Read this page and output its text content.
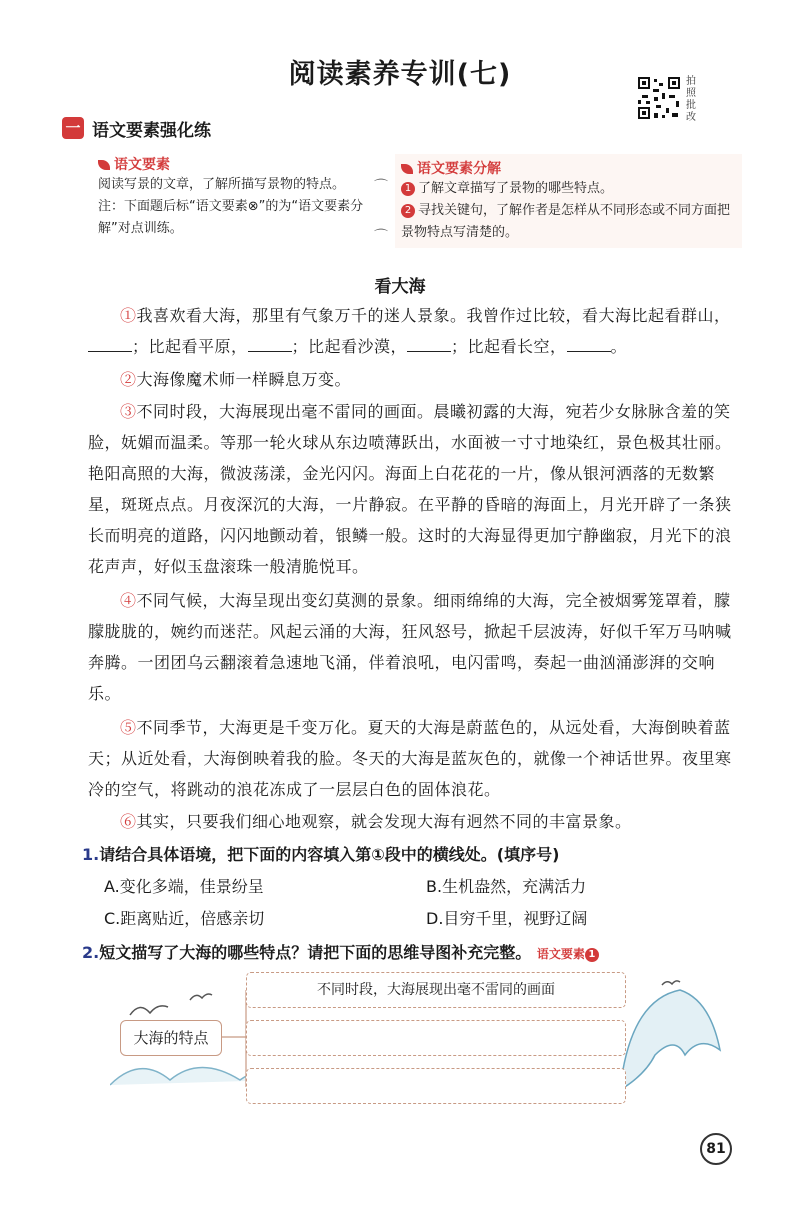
阅读素养专训(七)	拍照批改
一 语文要素强化练
语文要素
阅读写景的文章，了解所描写景物的特点。
注：下面题后标“语文要素⊗”的为“语文要素分解”对点训练。
⌒
⌒
语文要素分解
1 了解文章描写了景物的哪些特点。
2 寻找关键句，了解作者是怎样从不同形态或不同方面把景物特点写清楚的。
看大海

①我喜欢看大海，那里有气象万千的迷人景象。我曾作过比较，看大海比起看群山，；比起看平原，	；比起看沙漠，	；比起看长空，	。

②大海像魔术师一样瞬息万变。

③不同时段，大海展现出毫不雷同的画面。晨曦初露的大海，宛若少女脉脉含羞的笑脸，妩媚而温柔。等那一轮火球从东边喷薄跃出，水面被一寸寸地染红，景色极其壮丽。艳阳高照的大海，微波荡漾，金光闪闪。海面上白花花的一片，像从银河洒落的无数繁星，斑斑点点。月夜深沉的大海，一片静寂。在平静的昏暗的海面上，月光开辟了一条狭长而明亮的道路，闪闪地颤动着，银鳞一般。这时的大海显得更加宁静幽寂，月光下的浪花声声，好似玉盘滚珠一般清脆悦耳。

④不同气候，大海呈现出变幻莫测的景象。细雨绵绵的大海，完全被烟雾笼罩着，朦朦胧胧的，婉约而迷茫。风起云涌的大海，狂风怒号，掀起千层波涛，好似千军万马呐喊奔腾。一团团乌云翻滚着急速地飞涌，伴着浪吼，电闪雷鸣，奏起一曲汹涌澎湃的交响乐。

⑤不同季节，大海更是千变万化。夏天的大海是蔚蓝色的，从远处看，大海倒映着蓝天；从近处看，大海倒映着我的脸。冬天的大海是蓝灰色的，就像一个神话世界。夜里寒冷的空气，将跳动的浪花冻成了一层层白色的固体浪花。

⑥其实，只要我们细心地观察，就会发现大海有迥然不同的丰富景象。

1.请结合具体语境，把下面的内容填入第①段中的横线处。(填序号)
A.变化多端，佳景纷呈	B.生机盎然，充满活力
C.距离贴近，倍感亲切	D.目穷千里，视野辽阔
2.短文描写了大海的哪些特点？请把下面的思维导图补充完整。 语文要素 1
大海的特点
不同时段，大海展现出毫不雷同的画面
81
